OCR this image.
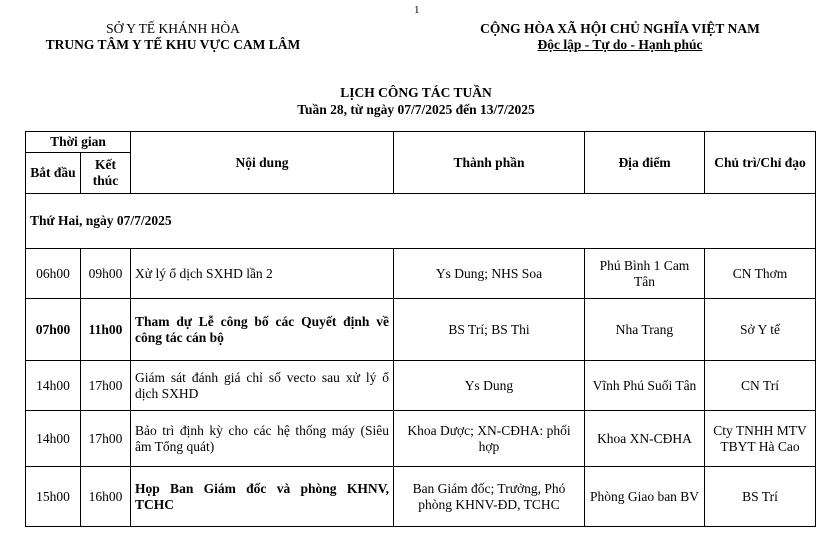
1
SỞ Y TẾ KHÁNH HÒA
TRUNG TÂM Y TẾ KHU VỰC CAM LÂM
CỘNG HÒA XÃ HỘI CHỦ NGHĨA VIỆT NAM
Độc lập - Tự do - Hạnh phúc
LỊCH CÔNG TÁC TUẦN
Tuần 28, từ ngày 07/7/2025 đến 13/7/2025
Thời gian		Nội dung	Thành phần	Địa điểm	Chủ trì/Chỉ đạo
Bắt đầu	Kết thúc				
Thứ Hai, ngày 07/7/2025					
06h00	09h00	Xử lý ổ dịch SXHD lần 2	Ys Dung; NHS Soa	Phú Bình 1 Cam Tân	CN Thơm
07h00	11h00	Tham dự Lễ công bố các Quyết định về công tác cán bộ	BS Trí; BS Thi	Nha Trang	Sở Y tế
14h00	17h00	Giám sát đánh giá chỉ số vecto sau xử lý ổ dịch SXHD	Ys Dung	Vĩnh Phú Suối Tân	CN Trí
14h00	17h00	Bảo trì định kỳ cho các hệ thống máy (Siêu âm Tổng quát)	Khoa Dược; XN-CĐHA: phối hợp	Khoa XN-CĐHA	Cty TNHH MTV TBYT Hà Cao
15h00	16h00	Họp Ban Giám đốc và phòng KHNV, TCHC	Ban Giám đốc; Trưởng, Phó phòng KHNV-ĐD, TCHC	Phòng Giao ban BV	BS Trí
